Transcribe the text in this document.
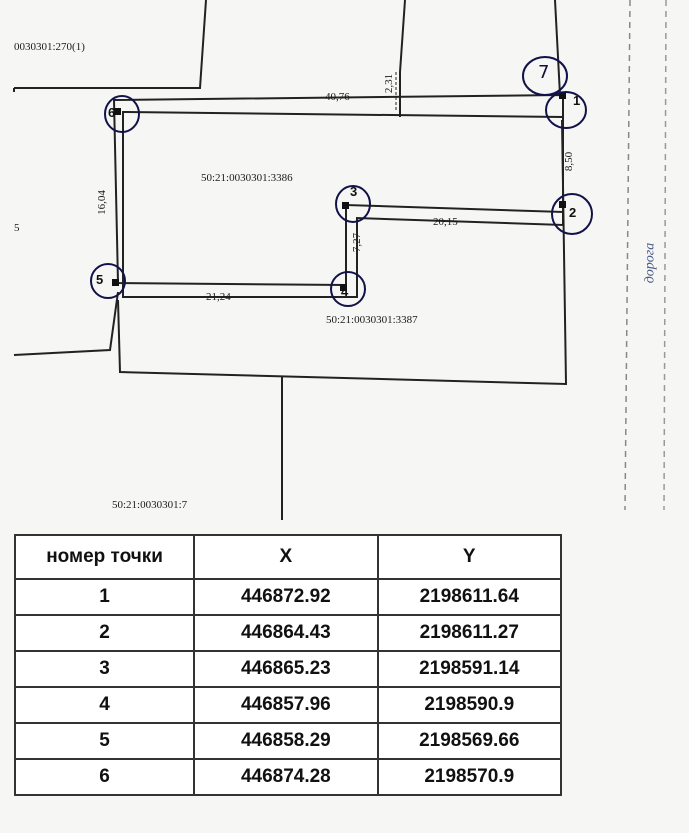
0030301:270(1)
50:21:0030301:3386
50:21:0030301:3387
50:21:0030301:7
5
40,76
2,31
8,50
20,15
7,27
21,24
16,04
1
2
3
4
5
6
7
дорога
номер точки	X	Y
1	446872.92	2198611.64
2	446864.43	2198611.27
3	446865.23	2198591.14
4	446857.96	2198590.9
5	446858.29	2198569.66
6	446874.28	2198570.9
